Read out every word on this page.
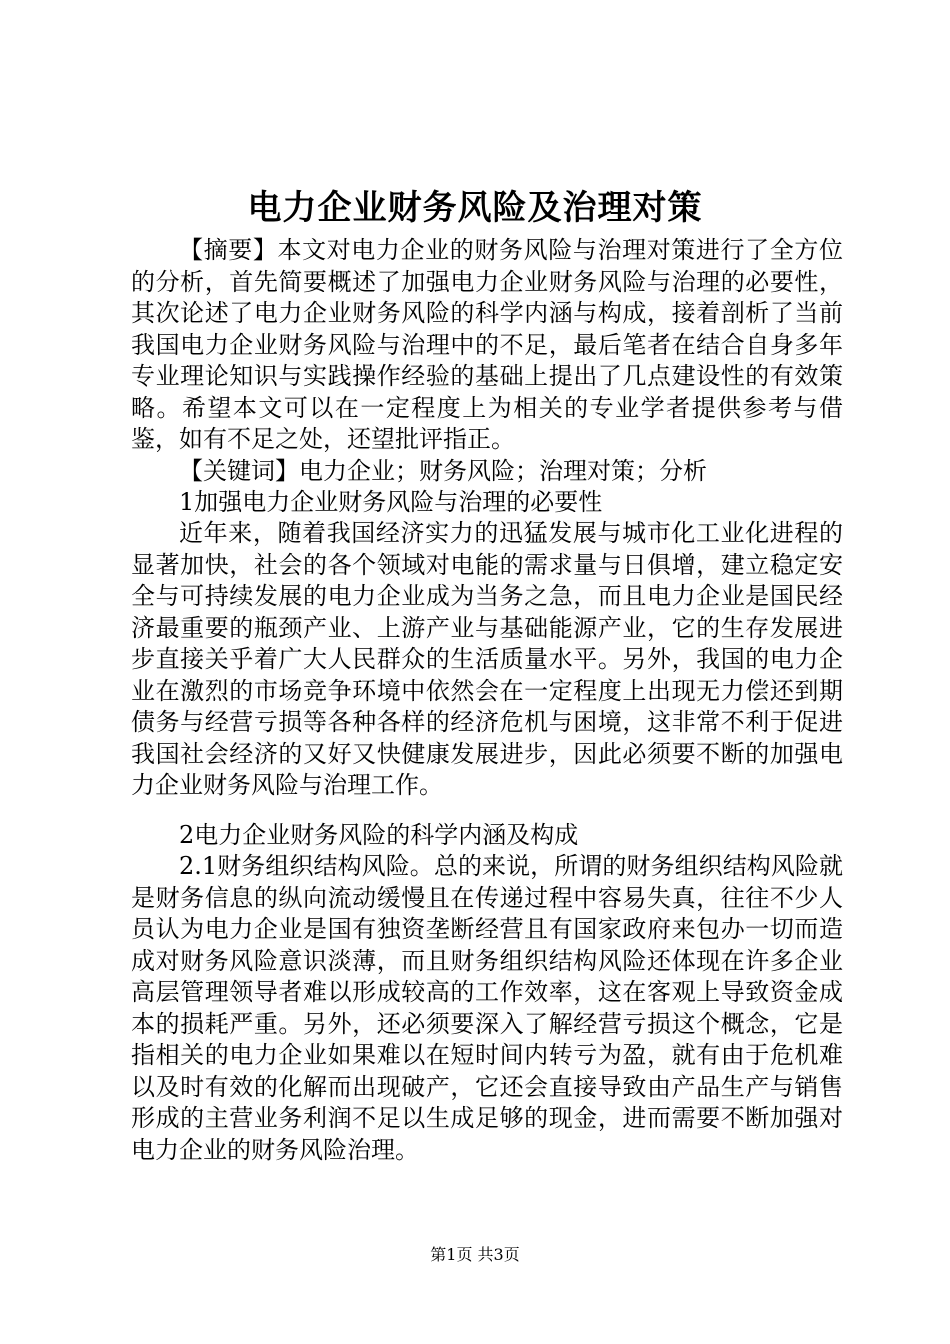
电力企业财务风险及治理对策

【摘要】本文对电力企业的财务风险与治理对策进行了全方位的分析，首先简要概述了加强电力企业财务风险与治理的必要性，其次论述了电力企业财务风险的科学内涵与构成，接着剖析了当前我国电力企业财务风险与治理中的不足，最后笔者在结合自身多年专业理论知识与实践操作经验的基础上提出了几点建设性的有效策略。希望本文可以在一定程度上为相关的专业学者提供参考与借鉴，如有不足之处，还望批评指正。

【关键词】电力企业；财务风险；治理对策；分析

1加强电力企业财务风险与治理的必要性

近年来，随着我国经济实力的迅猛发展与城市化工业化进程的显著加快，社会的各个领域对电能的需求量与日俱增，建立稳定安全与可持续发展的电力企业成为当务之急，而且电力企业是国民经济最重要的瓶颈产业、上游产业与基础能源产业，它的生存发展进步直接关乎着广大人民群众的生活质量水平。另外，我国的电力企业在激烈的市场竞争环境中依然会在一定程度上出现无力偿还到期债务与经营亏损等各种各样的经济危机与困境，这非常不利于促进我国社会经济的又好又快健康发展进步，因此必须要不断的加强电力企业财务风险与治理工作。

2电力企业财务风险的科学内涵及构成

2.1财务组织结构风险。总的来说，所谓的财务组织结构风险就是财务信息的纵向流动缓慢且在传递过程中容易失真，往往不少人员认为电力企业是国有独资垄断经营且有国家政府来包办一切而造成对财务风险意识淡薄，而且财务组织结构风险还体现在许多企业高层管理领导者难以形成较高的工作效率，这在客观上导致资金成本的损耗严重。另外，还必须要深入了解经营亏损这个概念，它是指相关的电力企业如果难以在短时间内转亏为盈，就有由于危机难以及时有效的化解而出现破产，它还会直接导致由产品生产与销售形成的主营业务利润不足以生成足够的现金，进而需要不断加强对电力企业的财务风险治理。

第1页 共3页
